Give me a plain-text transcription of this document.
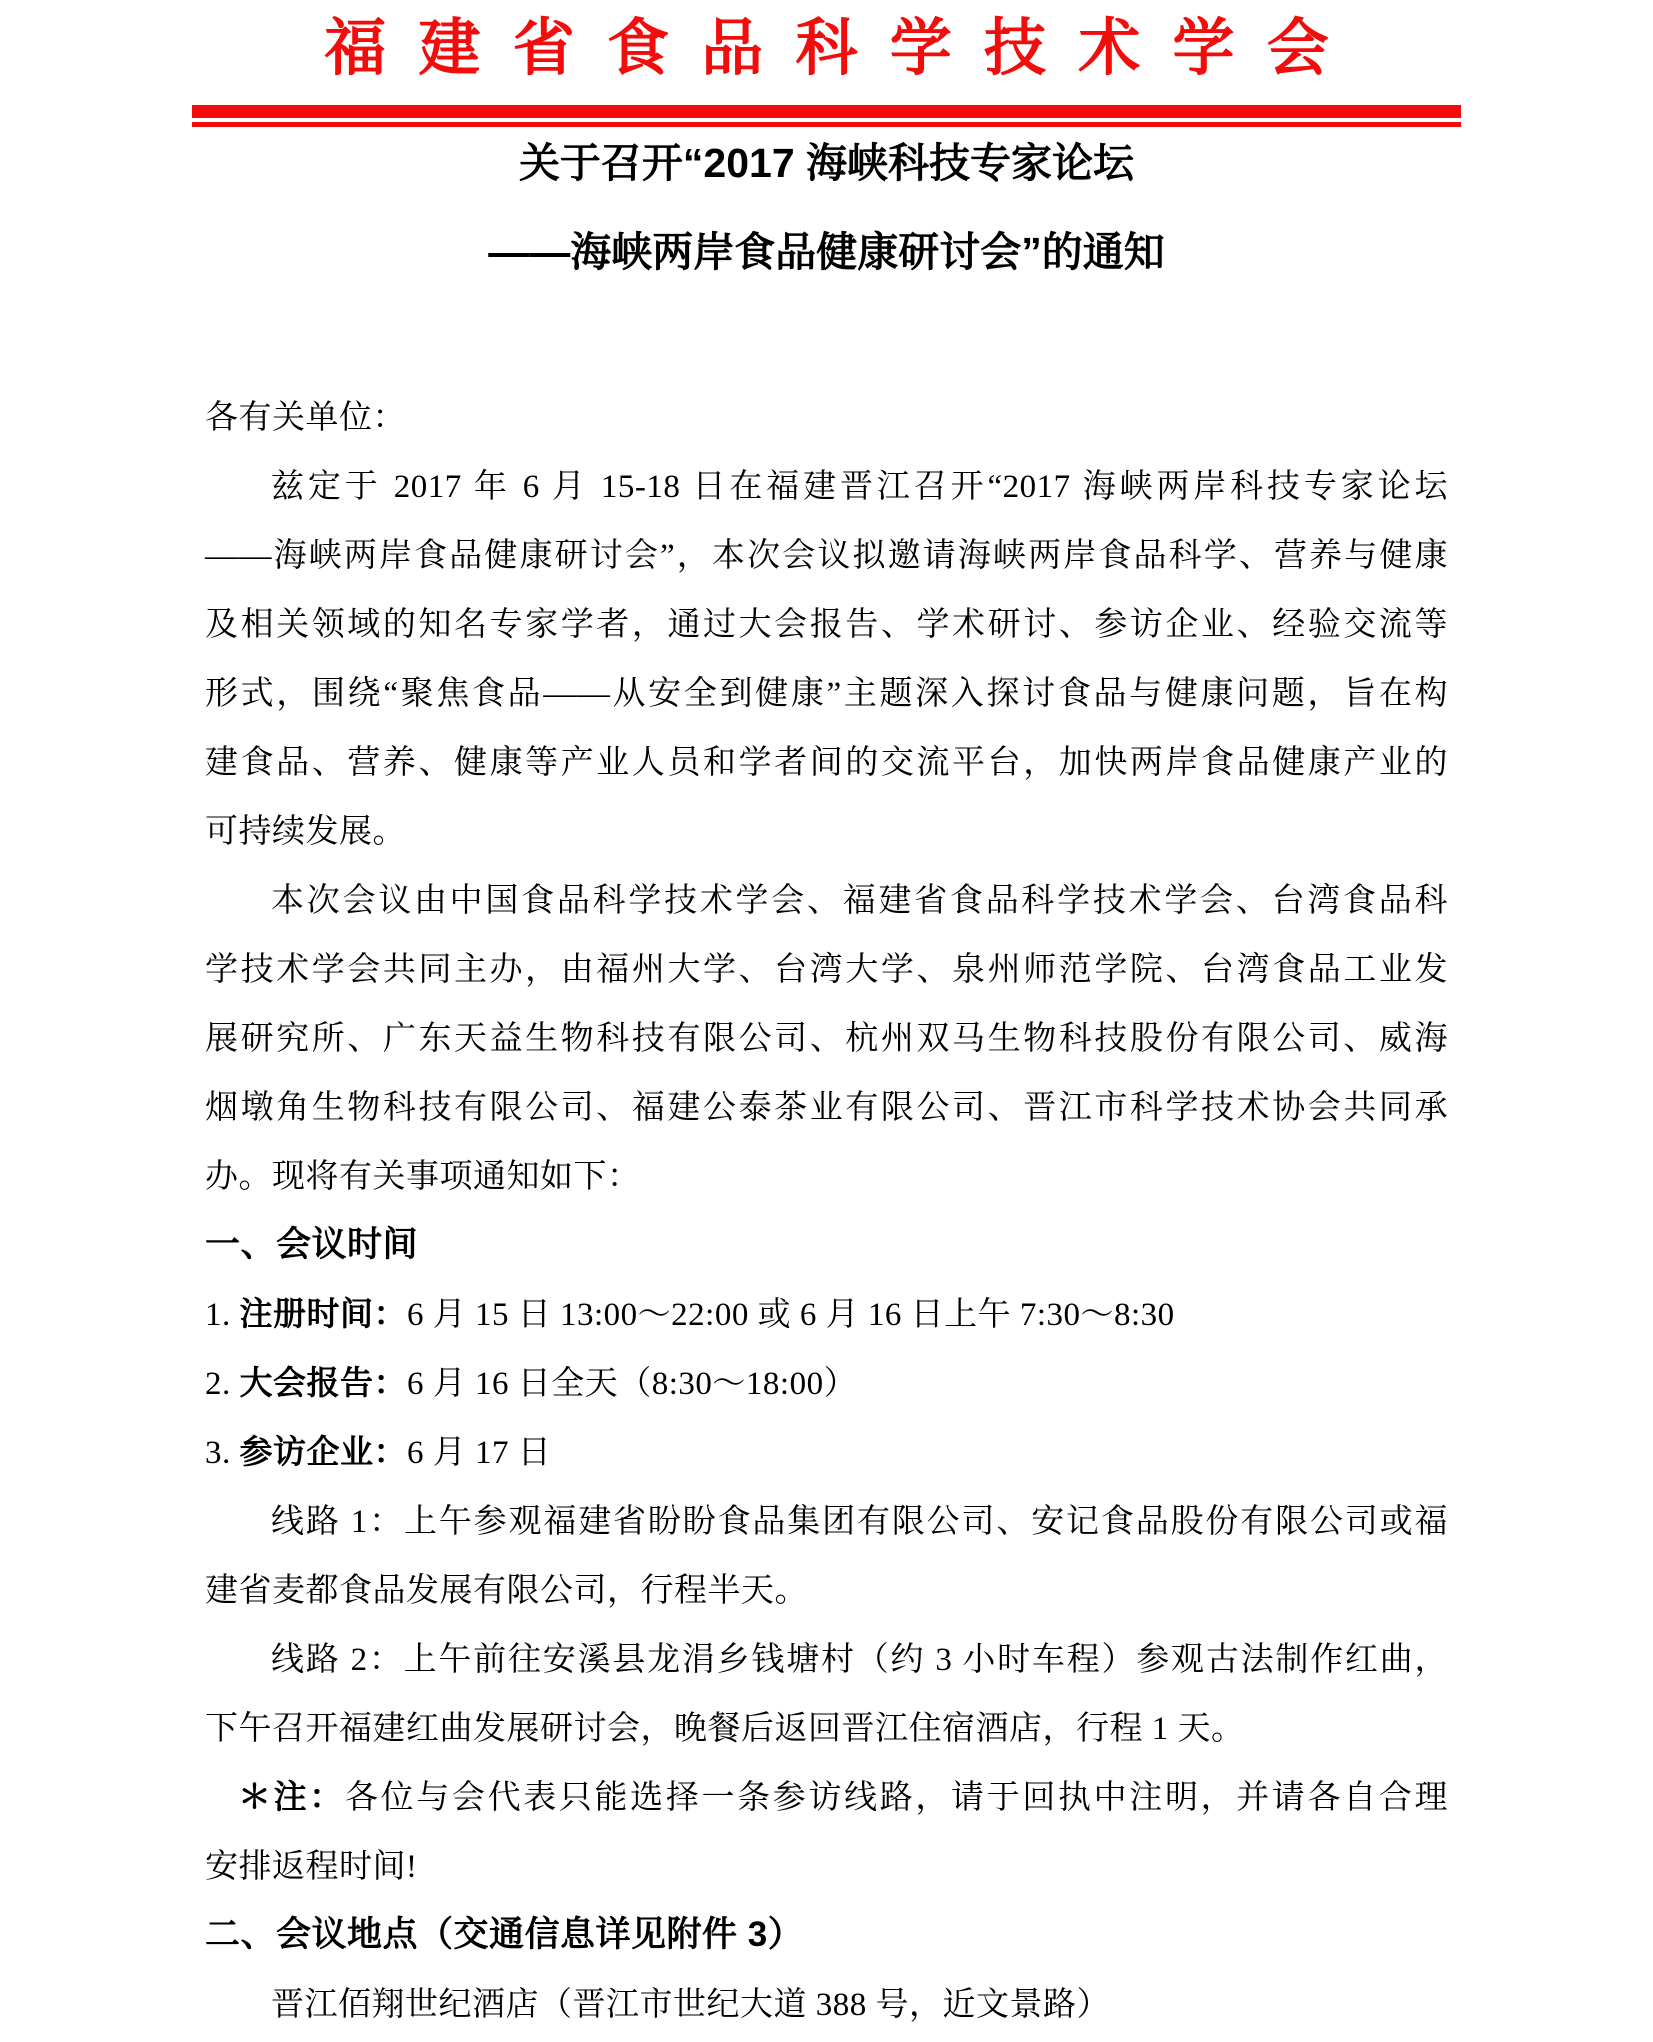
福建省食品科学技术学会
关于召开“2017 海峡科技专家论坛
——海峡两岸食品健康研讨会”的通知
各有关单位：
兹定于 2017 年 6 月 15-18 日在福建晋江召开“2017 海峡两岸科技专家论坛
——海峡两岸食品健康研讨会”，本次会议拟邀请海峡两岸食品科学、营养与健康
及相关领域的知名专家学者，通过大会报告、学术研讨、参访企业、经验交流等
形式，围绕“聚焦食品——从安全到健康”主题深入探讨食品与健康问题，旨在构
建食品、营养、健康等产业人员和学者间的交流平台，加快两岸食品健康产业的
可持续发展。
本次会议由中国食品科学技术学会、福建省食品科学技术学会、台湾食品科
学技术学会共同主办，由福州大学、台湾大学、泉州师范学院、台湾食品工业发
展研究所、广东天益生物科技有限公司、杭州双马生物科技股份有限公司、威海
烟墩角生物科技有限公司、福建公泰茶业有限公司、晋江市科学技术协会共同承
办。现将有关事项通知如下：
一、会议时间
1. 注册时间：6 月 15 日 13:00～22:00 或 6 月 16 日上午 7:30～8:30
2. 大会报告：6 月 16 日全天（8:30～18:00）
3. 参访企业：6 月 17 日
线路 1：上午参观福建省盼盼食品集团有限公司、安记食品股份有限公司或福
建省麦都食品发展有限公司，行程半天。
线路 2：上午前往安溪县龙涓乡钱塘村（约 3 小时车程）参观古法制作红曲，
下午召开福建红曲发展研讨会，晚餐后返回晋江住宿酒店，行程 1 天。
＊注：各位与会代表只能选择一条参访线路，请于回执中注明，并请各自合理
安排返程时间!
二、会议地点（交通信息详见附件 3）
晋江佰翔世纪酒店（晋江市世纪大道 388 号，近文景路）
